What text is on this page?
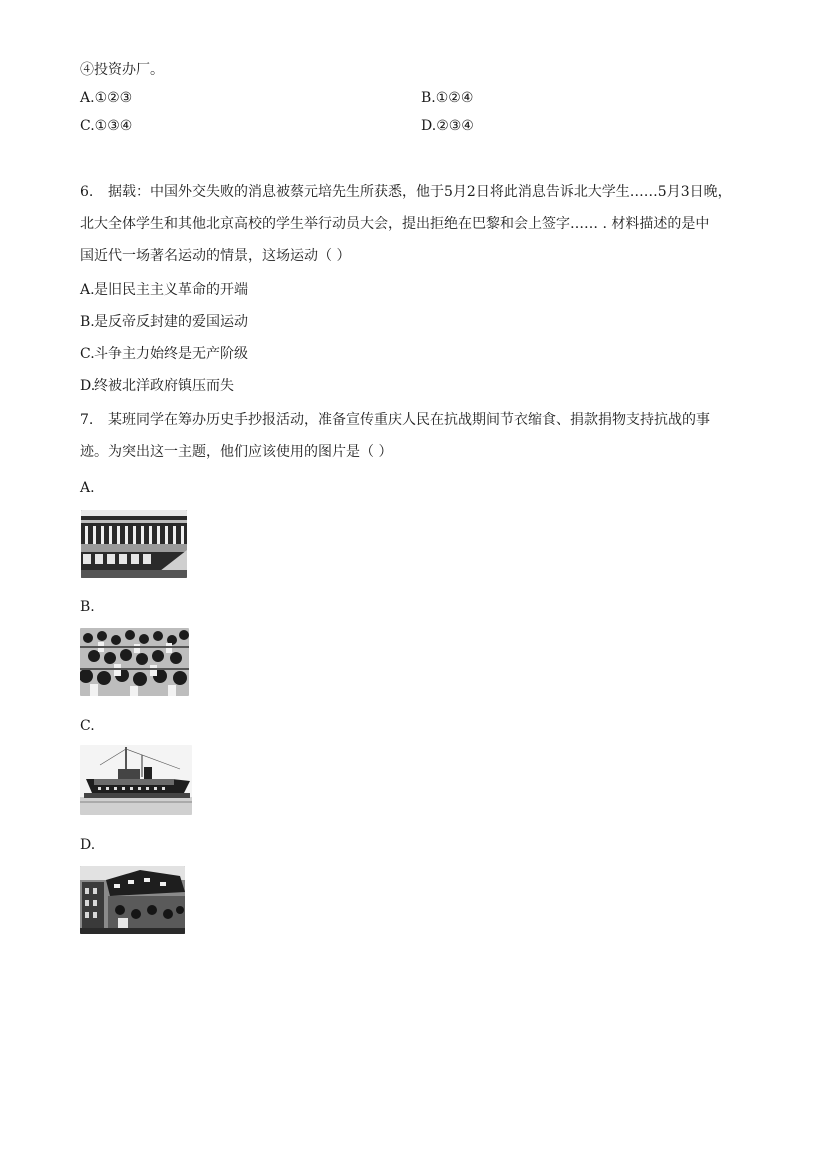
④投资办厂。
A.①②③	B.①②④
C.①③④	D.②③④
6. 据载：中国外交失败的消息被蔡元培先生所获悉，他于5月2日将此消息告诉北大学生……5月3日晚，
北大全体学生和其他北京高校的学生举行动员大会，提出拒绝在巴黎和会上签字…… . 材料描述的是中
国近代一场著名运动的情景，这场运动（ ）
A.是旧民主主义革命的开端
B.是反帝反封建的爱国运动
C.斗争主力始终是无产阶级
D.终被北洋政府镇压而失
7. 某班同学在筹办历史手抄报活动，准备宣传重庆人民在抗战期间节衣缩食、捐款捐物支持抗战的事
迹。为突出这一主题，他们应该使用的图片是（ ）
A.
B.
C.
D.
